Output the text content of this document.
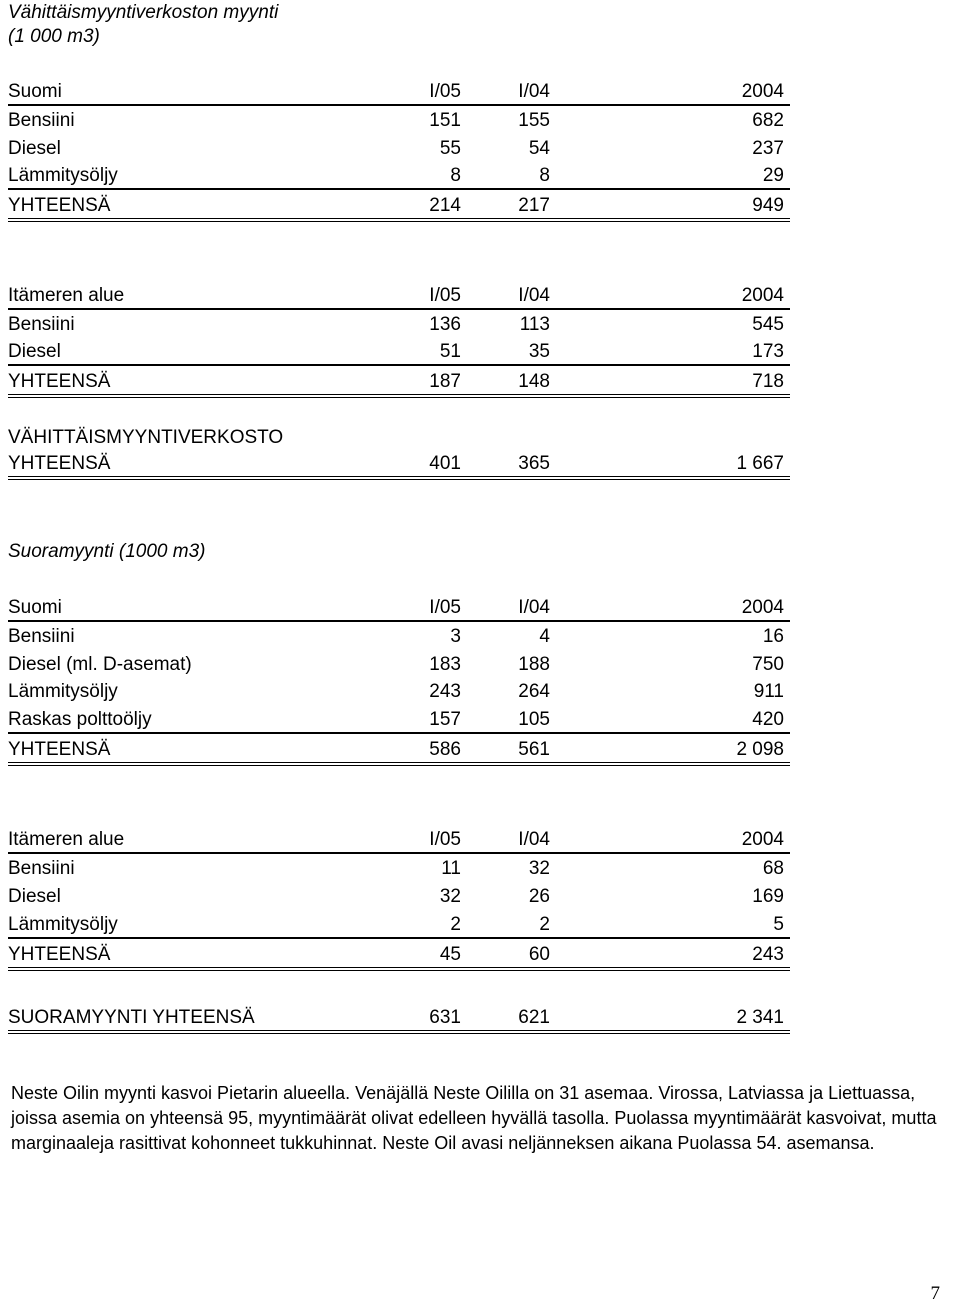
Vähittäismyyntiverkoston myynti
(1 000 m3)
Suomi	I/05	I/04	2004
Bensiini	151	155	682
Diesel	55	54	237
Lämmitysöljy	8	8	29
YHTEENSÄ	214	217	949
Itämeren alue	I/05	I/04	2004
Bensiini	136	113	545
Diesel	51	35	173
YHTEENSÄ	187	148	718
VÄHITTÄISMYYNTIVERKOSTO
YHTEENSÄ	401	365	1 667
Suoramyynti (1000 m3)
Suomi	I/05	I/04	2004
Bensiini	3	4	16
Diesel (ml. D-asemat)	183	188	750
Lämmitysöljy	243	264	911
Raskas polttoöljy	157	105	420
YHTEENSÄ	586	561	2 098
Itämeren alue	I/05	I/04	2004
Bensiini	11	32	68
Diesel	32	26	169
Lämmitysöljy	2	2	5
YHTEENSÄ	45	60	243
SUORAMYYNTI YHTEENSÄ	631	621	2 341
Neste Oilin myynti kasvoi Pietarin alueella. Venäjällä Neste Oililla on 31 asemaa. Virossa, Latviassa ja Liettuassa, joissa asemia on yhteensä 95, myyntimäärät olivat edelleen hyvällä tasolla. Puolassa myyntimäärät kasvoivat, mutta marginaaleja rasittivat kohonneet tukkuhinnat. Neste Oil avasi neljänneksen aikana Puolassa 54. asemansa.
7
